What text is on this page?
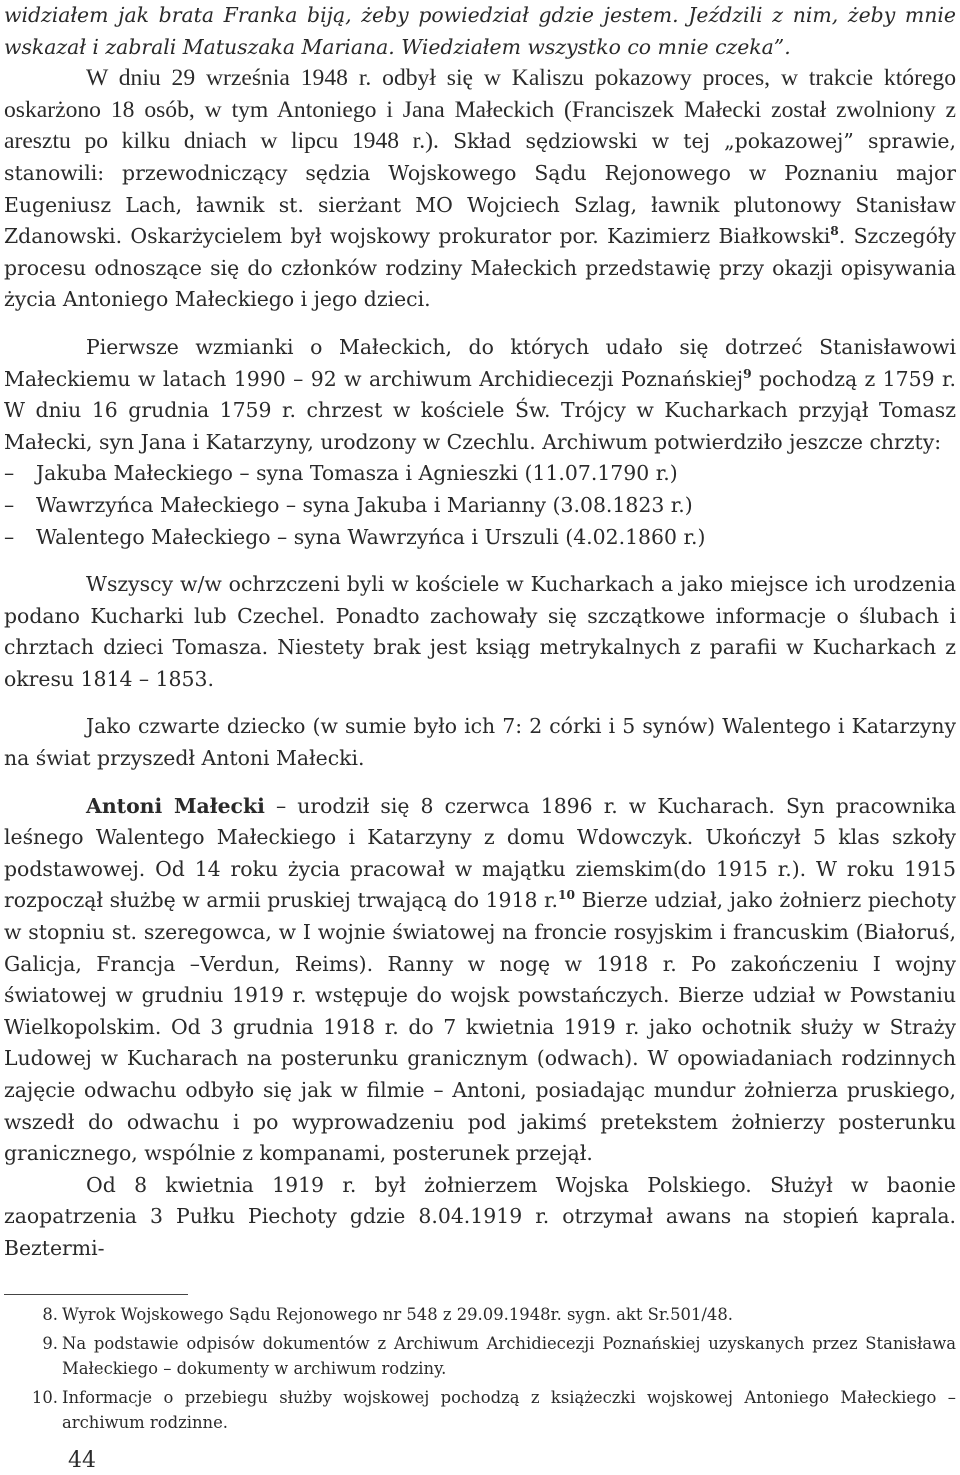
widziałem jak brata Franka biją, żeby powiedział gdzie jestem. Jeździli z nim, żeby mnie
wskazał i zabrali Matuszaka Mariana. Wiedziałem wszystko co mnie czeka”.

W dniu 29 września 1948 r. odbył się w Kaliszu pokazowy proces, w trakcie którego oskarżono 18 osób, w tym Antoniego i Jana Małeckich (Franciszek Małecki został zwolniony z aresztu po kilku dniach w lipcu 1948 r.). Skład sędziowski w tej „pokazowej” sprawie, stanowili: przewodniczący sędzia Wojskowego Sądu Rejonowego w Poznaniu major Eugeniusz Lach, ławnik st. sierżant MO Wojciech Szlag, ławnik plutonowy Stanisław Zdanowski. Oskarżycielem był wojskowy prokurator por. Kazimierz Białkowski$^8$. Szczegóły procesu odnoszące się do członków rodziny Małeckich przedstawię przy okazji opisywania życia Antoniego Małeckiego i jego dzieci.

Pierwsze wzmianki o Małeckich, do których udało się dotrzeć Stanisławowi Małeckiemu w latach 1990 – 92 w archiwum Archidiecezji Poznańskiej$^9$ pochodzą z 1759 r. W dniu 16 grudnia 1759 r. chrzest w kościele Św. Trójcy w Kucharkach przyjął Tomasz Małecki, syn Jana i Katarzyny, urodzony w Czechlu. Archiwum potwierdziło jeszcze chrzty:

– Jakuba Małeckiego – syna Tomasza i Agnieszki (11.07.1790 r.)
– Wawrzyńca Małeckiego – syna Jakuba i Marianny (3.08.1823 r.)
– Walentego Małeckiego – syna Wawrzyńca i Urszuli (4.02.1860 r.)

Wszyscy w/w ochrzczeni byli w kościele w Kucharkach a jako miejsce ich urodzenia podano Kucharki lub Czechel. Ponadto zachowały się szczątkowe informacje o ślubach i chrztach dzieci Tomasza. Niestety brak jest ksiąg metrykalnych z parafii w Kucharkach z okresu 1814 – 1853.

Jako czwarte dziecko (w sumie było ich 7: 2 córki i 5 synów) Walentego i Katarzyny na świat przyszedł Antoni Małecki.

Antoni Małecki – urodził się 8 czerwca 1896 r. w Kucharach. Syn pracownika leśnego Walentego Małeckiego i Katarzyny z domu Wdowczyk. Ukończył 5 klas szkoły podstawowej. Od 14 roku życia pracował w majątku ziemskim(do 1915 r.). W roku 1915 rozpoczął służbę w armii pruskiej trwającą do 1918 r.$^{10}$ Bierze udział, jako żołnierz piechoty w stopniu st. szeregowca, w I wojnie światowej na froncie rosyjskim i francuskim (Białoruś, Galicja, Francja –Verdun, Reims). Ranny w nogę w 1918 r. Po zakończeniu I wojny światowej w grudniu 1919 r. wstępuje do wojsk powstańczych. Bierze udział w Powstaniu Wielkopolskim. Od 3 grudnia 1918 r. do 7 kwietnia 1919 r. jako ochotnik służy w Straży Ludowej w Kucharach na posterunku granicznym (odwach). W opowiadaniach rodzinnych zajęcie odwachu odbyło się jak w filmie – Antoni, posiadając mundur żołnierza pruskiego, wszedł do odwachu i po wyprowadzeniu pod jakimś pretekstem żołnierzy posterunku granicznego, wspólnie z kompanami, posterunek przejął.

Od 8 kwietnia 1919 r. był żołnierzem Wojska Polskiego. Służył w baonie zaopatrzenia 3 Pułku Piechoty gdzie 8.04.1919 r. otrzymał awans na stopień kaprala. Beztermi-

8. Wyrok Wojskowego Sądu Rejonowego nr 548 z 29.09.1948r. sygn. akt Sr.501/48.
9. Na podstawie odpisów dokumentów z Archiwum Archidiecezji Poznańskiej uzyskanych przez Stanisława Małeckiego – dokumenty w archiwum rodziny.
10. Informacje o przebiegu służby wojskowej pochodzą z książeczki wojskowej Antoniego Małeckiego – archiwum rodzinne.
44
